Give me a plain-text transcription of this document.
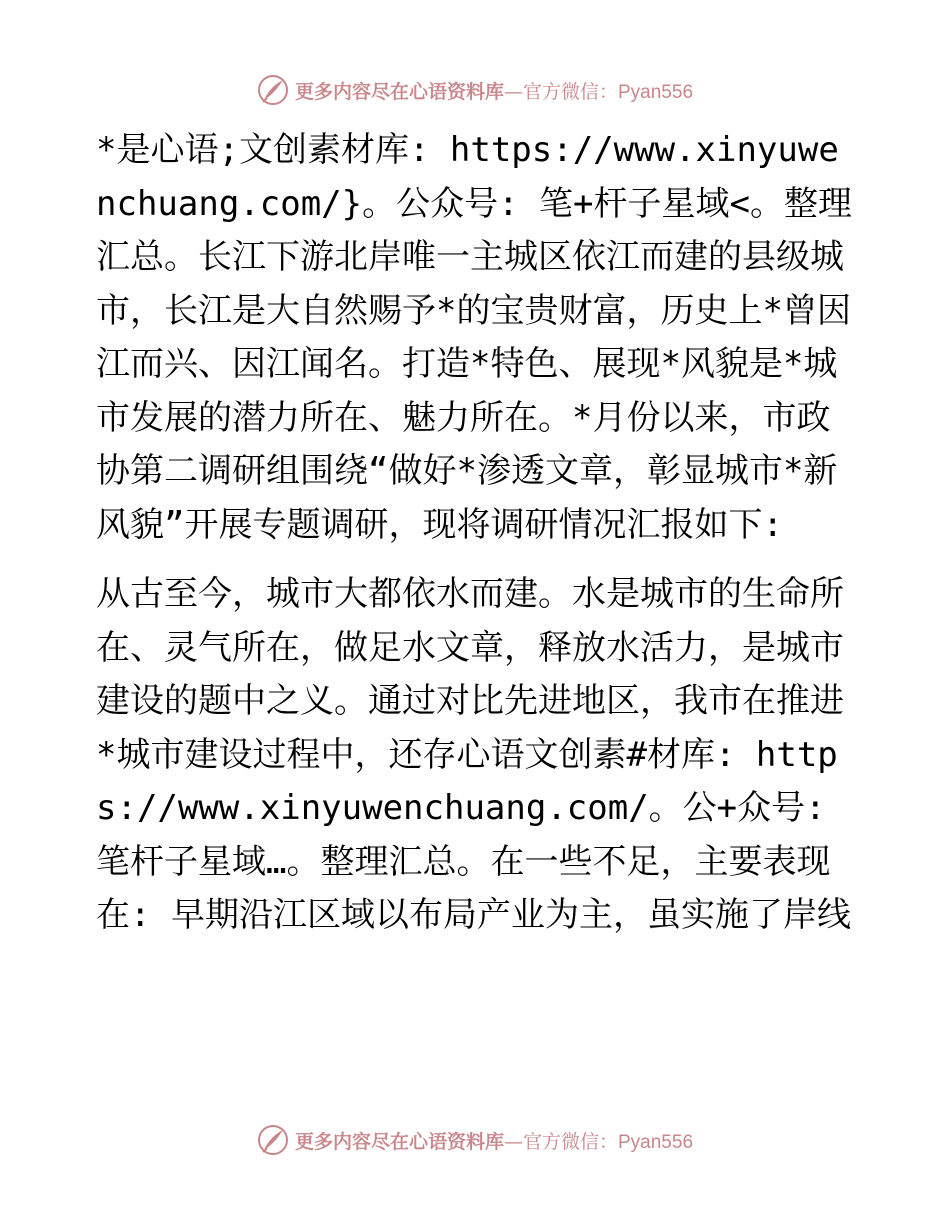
更多内容尽在心语资料库—官方微信：Pyan556

*是心语;文创素材库: https://www.xinyuwenchuang.com/}。公众号: 笔+杆子星域<。整理汇总。长江下游北岸唯一主城区依江而建的县级城市，长江是大自然赐予*的宝贵财富，历史上*曾因江而兴、因江闻名。打造*特色、展现*风貌是*城市发展的潜力所在、魅力所在。*月份以来，市政协第二调研组围绕“做好*渗透文章，彰显城市*新风貌”开展专题调研，现将调研情况汇报如下:

从古至今，城市大都依水而建。水是城市的生命所在、灵气所在，做足水文章，释放水活力，是城市建设的题中之义。通过对比先进地区，我市在推进*城市建设过程中，还存心语文创素#材库: https://www.xinyuwenchuang.com/。公+众号: 笔杆子星域…。整理汇总。在一些不足，主要表现在: 早期沿江区域以布局产业为主，虽实施了岸线

更多内容尽在心语资料库—官方微信：Pyan556
